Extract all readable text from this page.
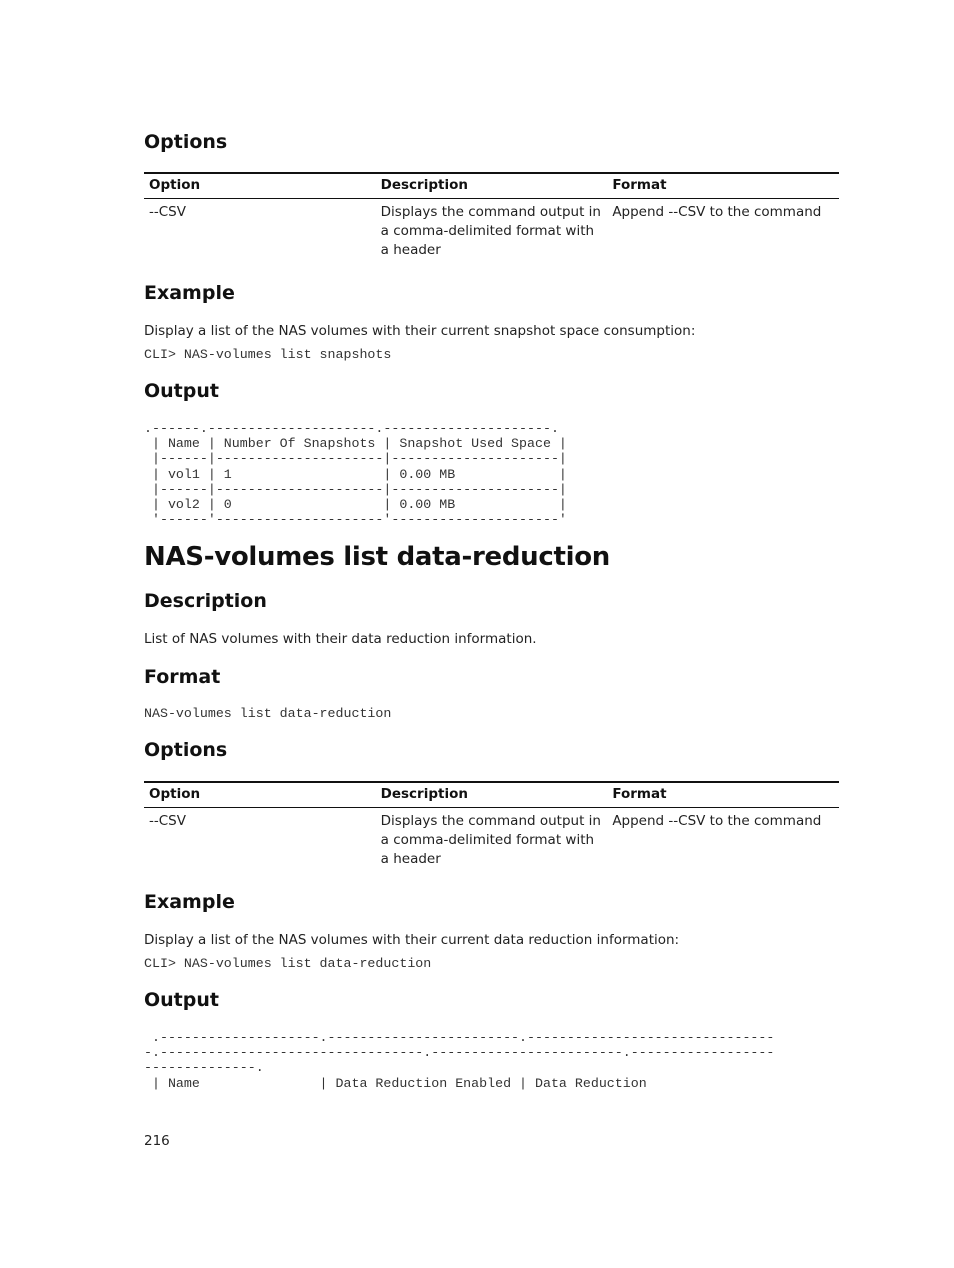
Options
Option	Description	Format
--CSV	Displays the command output in a comma-delimited format with a header	Append --CSV to the command
Example
Display a list of the NAS volumes with their current snapshot space consumption:
CLI> NAS-volumes list snapshots
Output
.------.---------------------.---------------------.
| Name | Number Of Snapshots | Snapshot Used Space |
|------|---------------------|---------------------|
| vol1 | 1                   | 0.00 MB             |
|------|---------------------|---------------------|
| vol2 | 0                   | 0.00 MB             |
'------'---------------------'---------------------'
NAS-volumes list data-reduction
Description
List of NAS volumes with their data reduction information.
Format
NAS-volumes list data-reduction
Options
Option	Description	Format
--CSV	Displays the command output in a comma-delimited format with a header	Append --CSV to the command
Example
Display a list of the NAS volumes with their current data reduction information:
CLI> NAS-volumes list data-reduction
Output
.--------------------.------------------------.-------------------------------
-.---------------------------------.------------------------.------------------
--------------.
| Name               | Data Reduction Enabled | Data Reduction
216
